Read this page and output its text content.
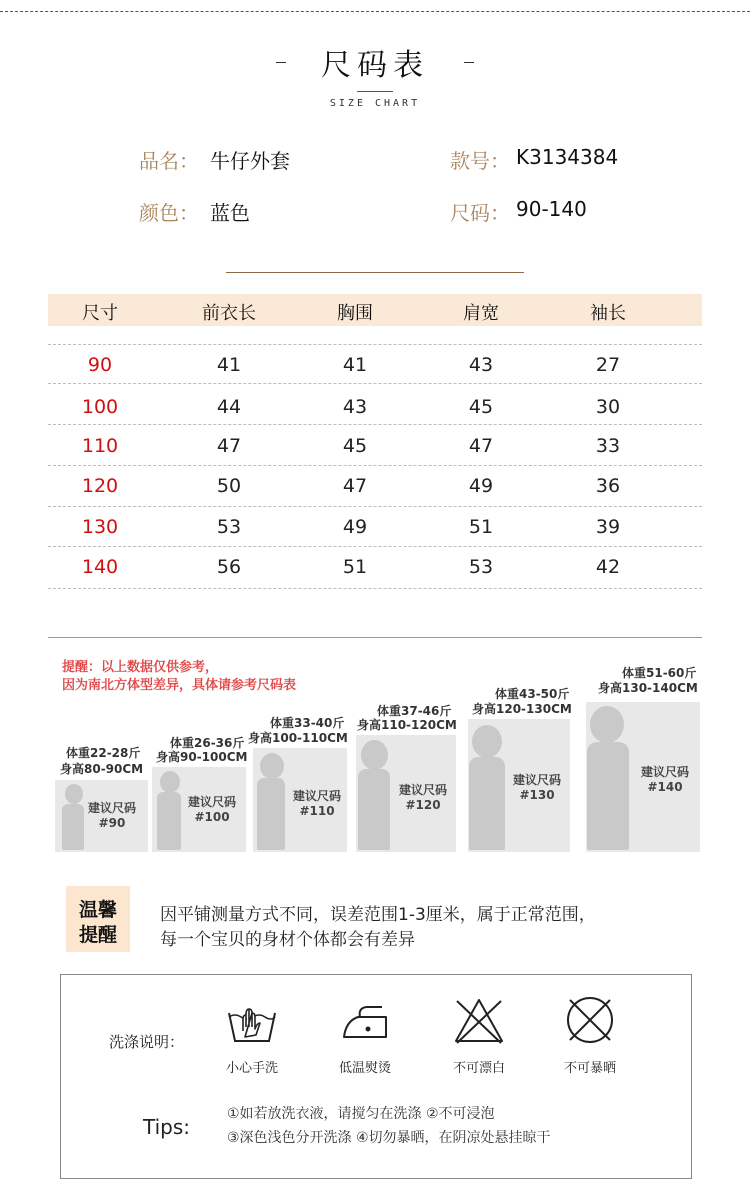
尺码表
SIZE CHART
品名： 牛仔外套	款号： K3134384
颜色： 蓝色	尺码： 90-140
尺寸	前衣长	胸围	肩宽	袖长
90	41	41	43	27
100	44	43	45	30
110	47	45	47	33
120	50	47	49	36
130	53	49	51	39
140	56	51	53	42
提醒：以上数据仅供参考，
因为南北方体型差异，具体请参考尺码表
体重22-28斤
身高80-90CM
建议尺码
#90
体重26-36斤
身高90-100CM
建议尺码
#100
体重33-40斤
身高100-110CM
建议尺码
#110
体重37-46斤
身高110-120CM
建议尺码
#120
体重43-50斤
身高120-130CM
建议尺码
#130
体重51-60斤
身高130-140CM
建议尺码
#140
温馨
提醒
因平铺测量方式不同，误差范围1-3厘米，属于正常范围，
每一个宝贝的身材个体都会有差异
洗涤说明：
小心手洗	低温熨烫	不可漂白	不可暴晒
Tips:
①如若放洗衣液，请搅匀在洗涤 ②不可浸泡
③深色浅色分开洗涤 ④切勿暴晒，在阴凉处悬挂晾干
